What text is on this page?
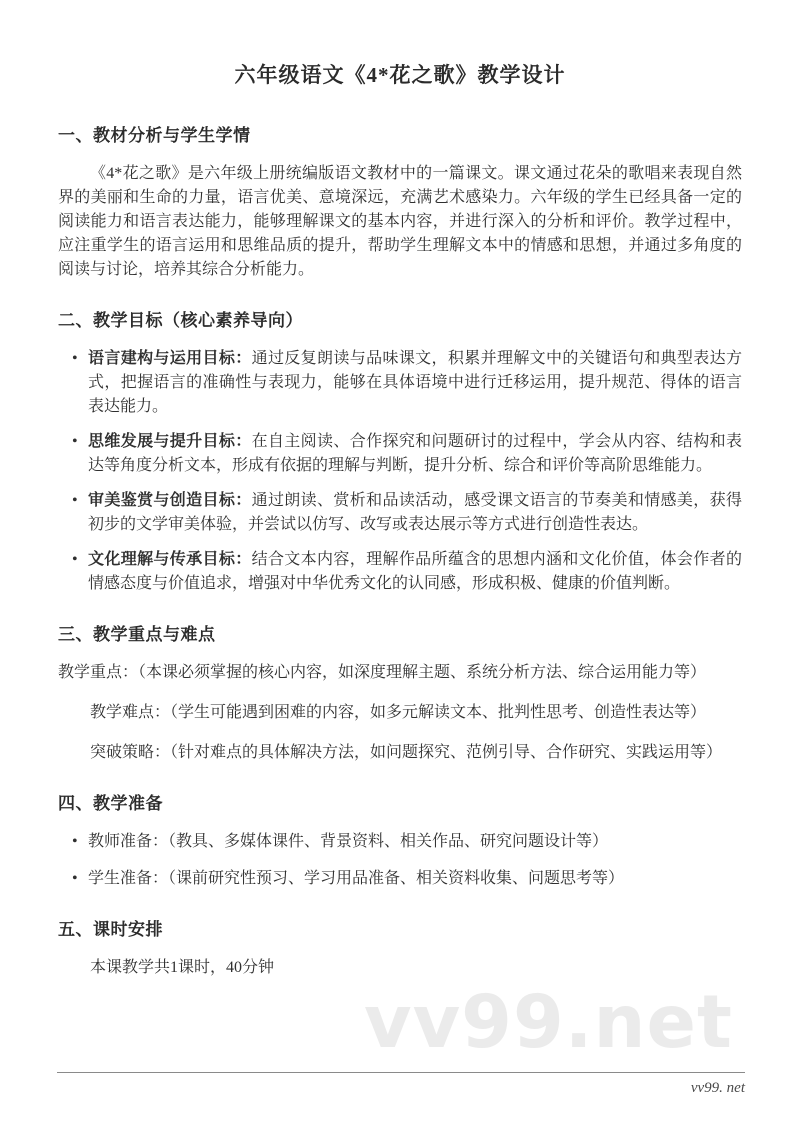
六年级语文《4*花之歌》教学设计
一、教材分析与学生学情

《4*花之歌》是六年级上册统编版语文教材中的一篇课文。课文通过花朵的歌唱来表现自然界的美丽和生命的力量，语言优美、意境深远，充满艺术感染力。六年级的学生已经具备一定的阅读能力和语言表达能力，能够理解课文的基本内容，并进行深入的分析和评价。教学过程中，应注重学生的语言运用和思维品质的提升，帮助学生理解文本中的情感和思想，并通过多角度的阅读与讨论，培养其综合分析能力。

二、教学目标（核心素养导向）
• 语言建构与运用目标：通过反复朗读与品味课文，积累并理解文中的关键语句和典型表达方式，把握语言的准确性与表现力，能够在具体语境中进行迁移运用，提升规范、得体的语言表达能力。
• 思维发展与提升目标：在自主阅读、合作探究和问题研讨的过程中，学会从内容、结构和表达等角度分析文本，形成有依据的理解与判断，提升分析、综合和评价等高阶思维能力。
• 审美鉴赏与创造目标：通过朗读、赏析和品读活动，感受课文语言的节奏美和情感美，获得初步的文学审美体验，并尝试以仿写、改写或表达展示等方式进行创造性表达。
• 文化理解与传承目标：结合文本内容，理解作品所蕴含的思想内涵和文化价值，体会作者的情感态度与价值追求，增强对中华优秀文化的认同感，形成积极、健康的价值判断。
三、教学重点与难点

教学重点：（本课必须掌握的核心内容，如深度理解主题、系统分析方法、综合运用能力等）

教学难点：（学生可能遇到困难的内容，如多元解读文本、批判性思考、创造性表达等）

突破策略：（针对难点的具体解决方法，如问题探究、范例引导、合作研究、实践运用等）

四、教学准备
• 教师准备：（教具、多媒体课件、背景资料、相关作品、研究问题设计等）
• 学生准备：（课前研究性预习、学习用品准备、相关资料收集、问题思考等）
五、课时安排

本课教学共1课时，40分钟

vv99.net
vv99. net
